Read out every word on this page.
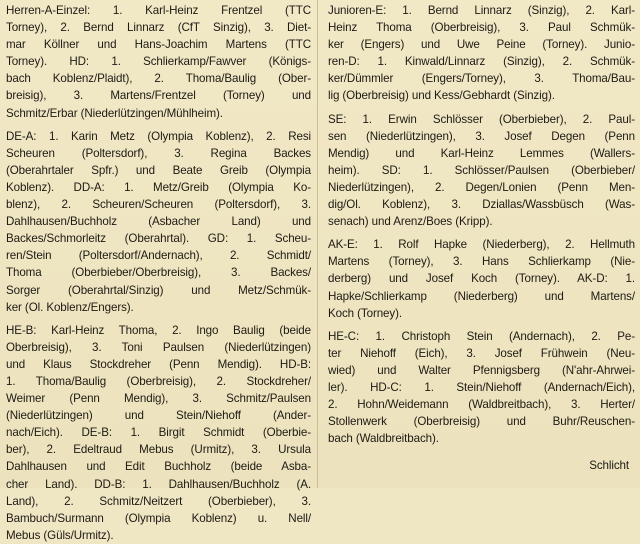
Herren-A-Einzel: 1. Karl-Heinz Frentzel (TTC
Torney), 2. Bernd Linnarz (CfT Sinzig), 3. Diet-
mar Köllner und Hans-Joachim Martens (TTC
Torney). HD: 1. Schlierkamp/Fawver (Königs-
bach Koblenz/Plaidt), 2. Thoma/Baulig (Ober-
breisig), 3. Martens/Frentzel (Torney) und
Schmitz/Erbar (Niederlützingen/Mühlheim).
DE-A: 1. Karin Metz (Olympia Koblenz), 2. Resi
Scheuren (Poltersdorf), 3. Regina Backes
(Oberahrtaler Spfr.) und Beate Greib (Olympia
Koblenz). DD-A: 1. Metz/Greib (Olympia Ko-
blenz), 2. Scheuren/Scheuren (Poltersdorf), 3.
Dahlhausen/Buchholz (Asbacher Land) und
Backes/Schmorleitz (Oberahrtal). GD: 1. Scheu-
ren/Stein (Poltersdorf/Andernach), 2. Schmidt/
Thoma (Oberbieber/Oberbreisig), 3. Backes/
Sorger (Oberahrtal/Sinzig) und Metz/Schmük-
ker (Ol. Koblenz/Engers).
HE-B: Karl-Heinz Thoma, 2. Ingo Baulig (beide
Oberbreisig), 3. Toni Paulsen (Niederlützingen)
und Klaus Stockdreher (Penn Mendig). HD-B:
1. Thoma/Baulig (Oberbreisig), 2. Stockdreher/
Weimer (Penn Mendig), 3. Schmitz/Paulsen
(Niederlützingen) und Stein/Niehoff (Ander-
nach/Eich). DE-B: 1. Birgit Schmidt (Oberbie-
ber), 2. Edeltraud Mebus (Urmitz), 3. Ursula
Dahlhausen und Edit Buchholz (beide Asba-
cher Land). DD-B: 1. Dahlhausen/Buchholz (A.
Land), 2. Schmitz/Neitzert (Oberbieber), 3.
Bambuch/Surmann (Olympia Koblenz) u. Nell/
Mebus (Güls/Urmitz).
Junioren-E: 1. Bernd Linnarz (Sinzig), 2. Karl-
Heinz Thoma (Oberbreisig), 3. Paul Schmük-
ker (Engers) und Uwe Peine (Torney). Junio-
ren-D: 1. Kinwald/Linnarz (Sinzig), 2. Schmük-
ker/Dümmler (Engers/Torney), 3. Thoma/Bau-
lig (Oberbreisig) und Kess/Gebhardt (Sinzig).
SE: 1. Erwin Schlösser (Oberbieber), 2. Paul-
sen (Niederlützingen), 3. Josef Degen (Penn
Mendig) und Karl-Heinz Lemmes (Wallers-
heim). SD: 1. Schlösser/Paulsen (Oberbieber/
Niederlützingen), 2. Degen/Lonien (Penn Men-
dig/Ol. Koblenz), 3. Dziallas/Wassbüsch (Was-
senach) und Arenz/Boes (Kripp).
AK-E: 1. Rolf Hapke (Niederberg), 2. Hellmuth
Martens (Torney), 3. Hans Schlierkamp (Nie-
derberg) und Josef Koch (Torney). AK-D: 1.
Hapke/Schlierkamp (Niederberg) und Martens/
Koch (Torney).
HE-C: 1. Christoph Stein (Andernach), 2. Pe-
ter Niehoff (Eich), 3. Josef Frühwein (Neu-
wied) und Walter Pfennigsberg (N'ahr-Ahrwei-
ler). HD-C: 1. Stein/Niehoff (Andernach/Eich),
2. Hohn/Weidemann (Waldbreitbach), 3. Herter/
Stollenwerk (Oberbreisig) und Buhr/Reuschen-
bach (Waldbreitbach).
Schlicht
